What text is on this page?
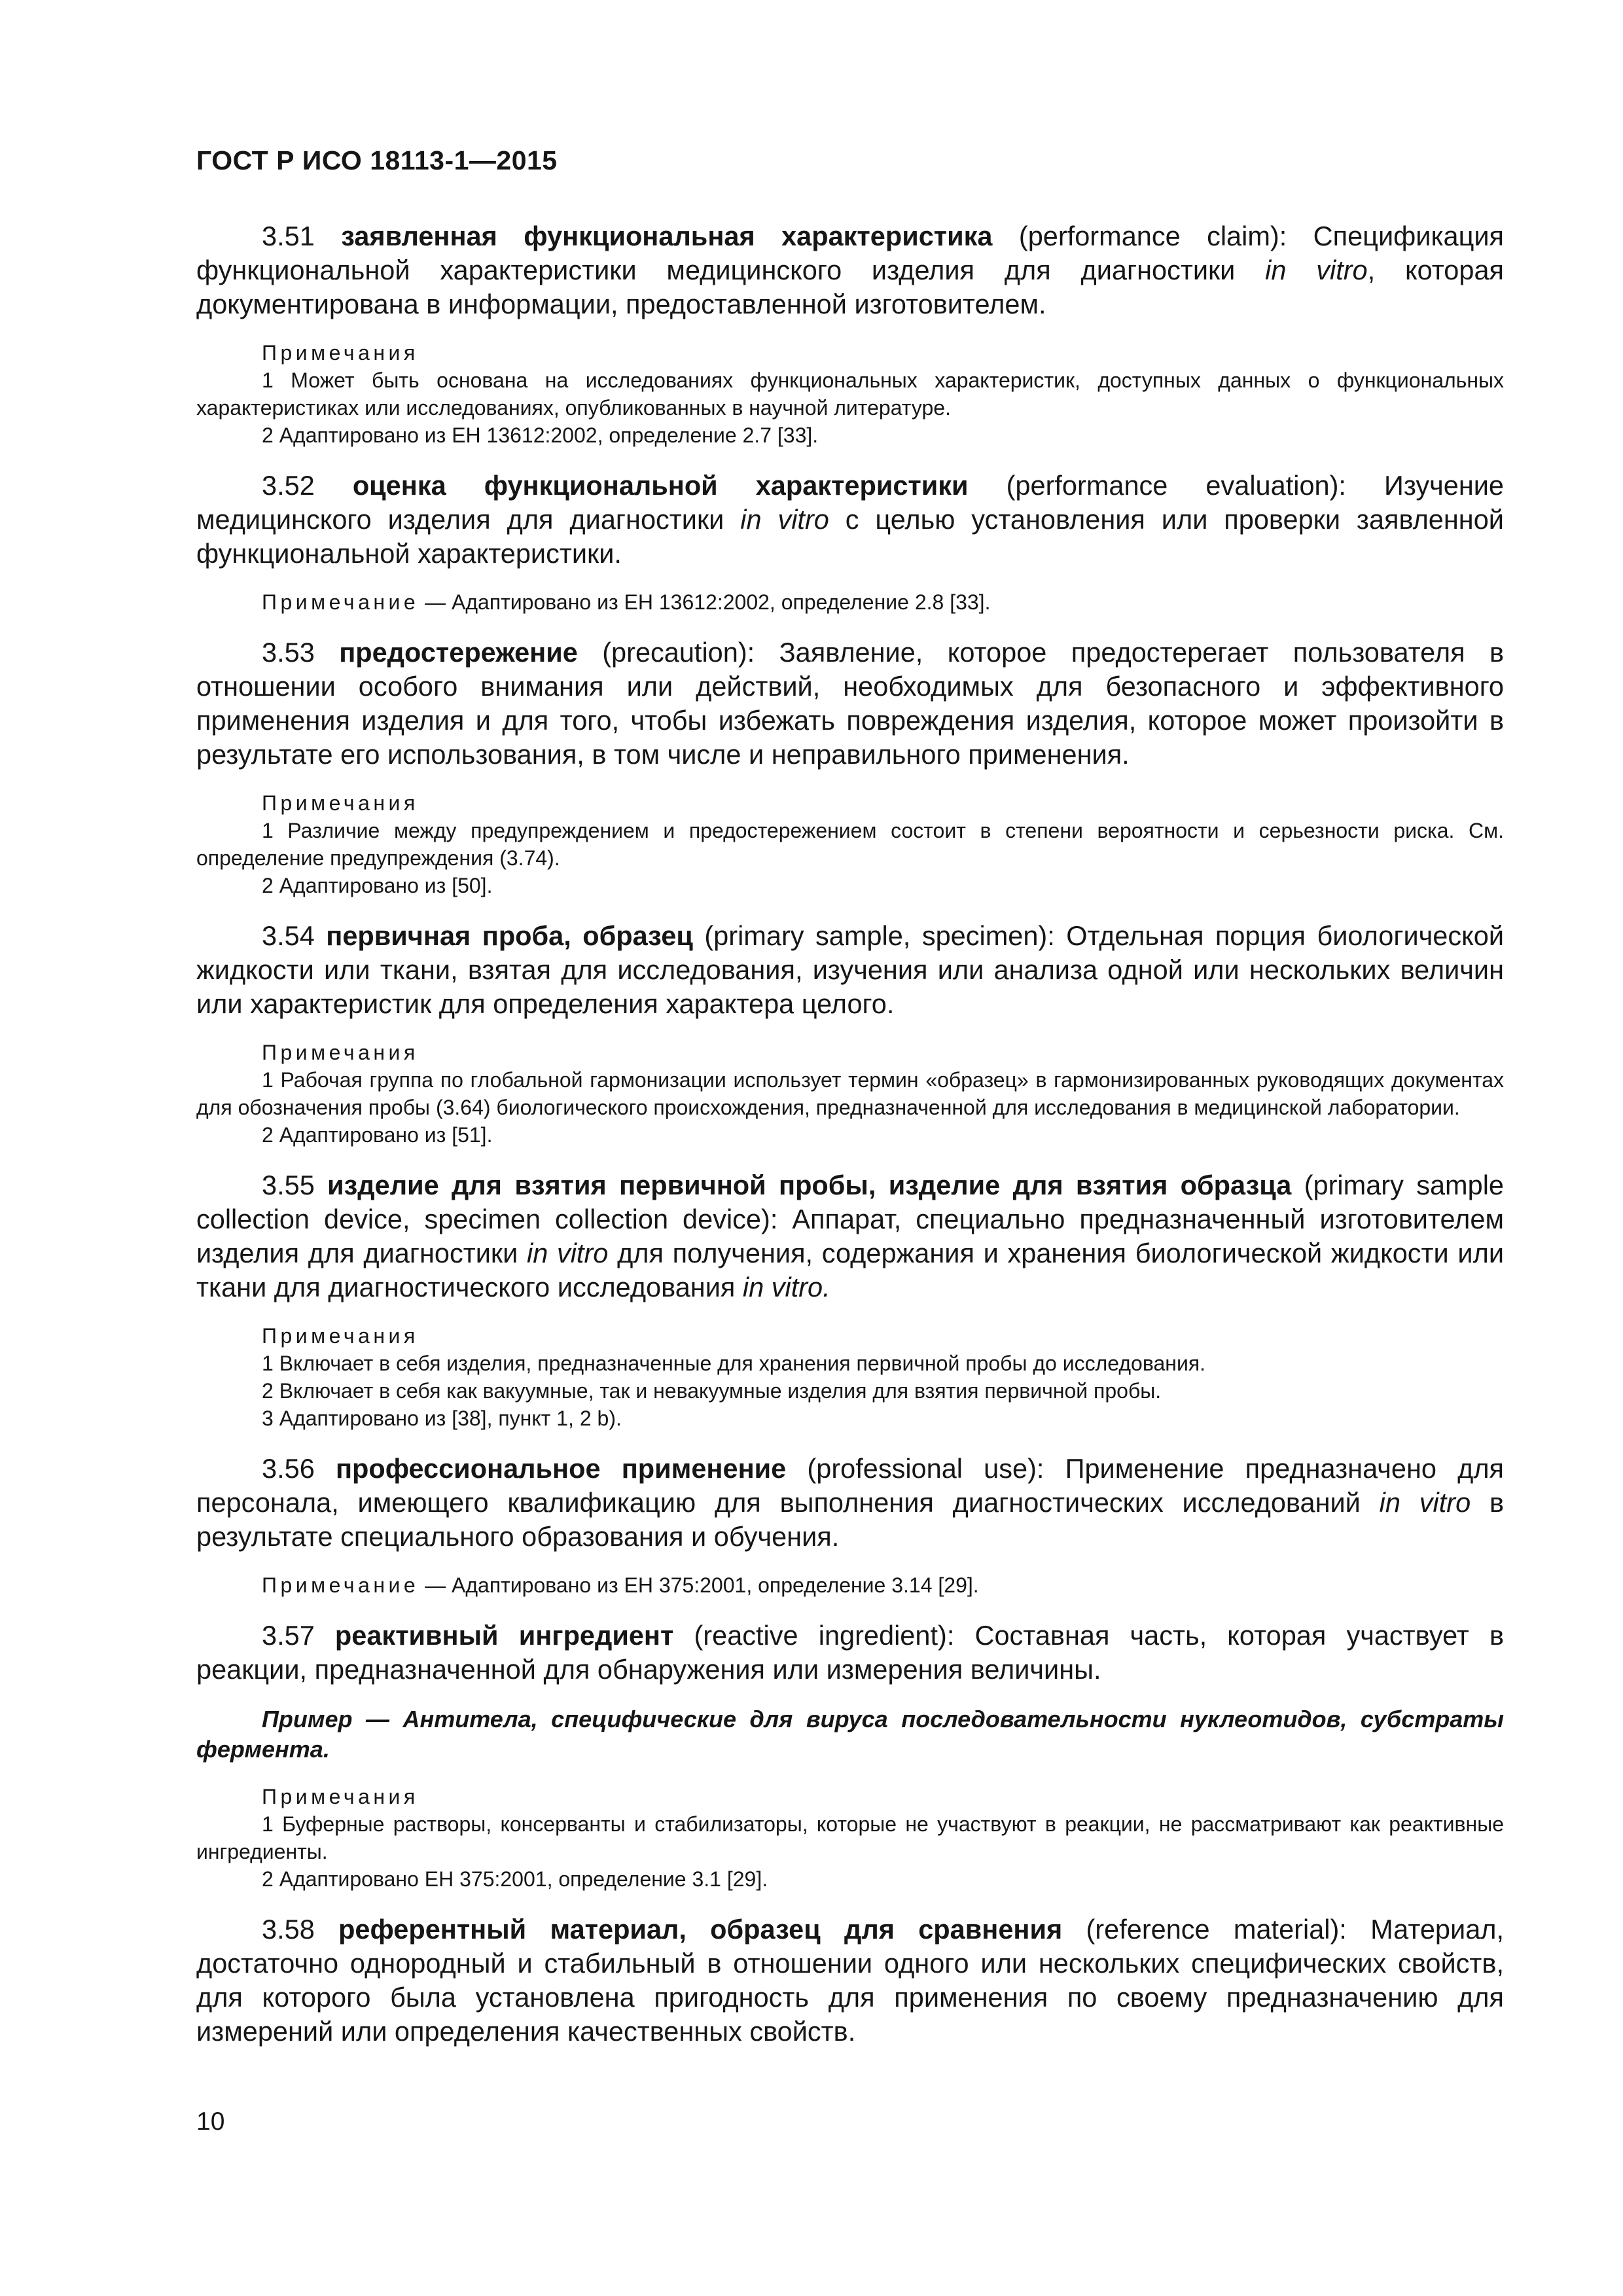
ГОСТ Р ИСО 18113-1—2015

3.51 заявленная функциональная характеристика (performance claim): Спецификация функциональной характеристики медицинского изделия для диагностики in vitro, которая документирована в информации, предоставленной изготовителем.

Примечания
1 Может быть основана на исследованиях функциональных характеристик, доступных данных о функциональных характеристиках или исследованиях, опубликованных в научной литературе.
2 Адаптировано из ЕН 13612:2002, определение 2.7 [33].

3.52 оценка функциональной характеристики (performance evaluation): Изучение медицинского изделия для диагностики in vitro с целью установления или проверки заявленной функциональной характеристики.

Примечание — Адаптировано из ЕН 13612:2002, определение 2.8 [33].

3.53 предостережение (precaution): Заявление, которое предостерегает пользователя в отношении особого внимания или действий, необходимых для безопасного и эффективного применения изделия и для того, чтобы избежать повреждения изделия, которое может произойти в результате его использования, в том числе и неправильного применения.

Примечания
1 Различие между предупреждением и предостережением состоит в степени вероятности и серьезности риска. См. определение предупреждения (3.74).
2 Адаптировано из [50].

3.54 первичная проба, образец (primary sample, specimen): Отдельная порция биологической жидкости или ткани, взятая для исследования, изучения или анализа одной или нескольких величин или характеристик для определения характера целого.

Примечания
1 Рабочая группа по глобальной гармонизации использует термин «образец» в гармонизированных руководящих документах для обозначения пробы (3.64) биологического происхождения, предназначенной для исследования в медицинской лаборатории.
2 Адаптировано из [51].

3.55 изделие для взятия первичной пробы, изделие для взятия образца (primary sample collection device, specimen collection device): Аппарат, специально предназначенный изготовителем изделия для диагностики in vitro для получения, содержания и хранения биологической жидкости или ткани для диагностического исследования in vitro.

Примечания
1 Включает в себя изделия, предназначенные для хранения первичной пробы до исследования.
2 Включает в себя как вакуумные, так и невакуумные изделия для взятия первичной пробы.
3 Адаптировано из [38], пункт 1, 2 b).

3.56 профессиональное применение (professional use): Применение предназначено для персонала, имеющего квалификацию для выполнения диагностических исследований in vitro в результате специального образования и обучения.

Примечание — Адаптировано из ЕН 375:2001, определение 3.14 [29].

3.57 реактивный ингредиент (reactive ingredient): Составная часть, которая участвует в реакции, предназначенной для обнаружения или измерения величины.

Пример — Антитела, специфические для вируса последовательности нуклеотидов, субстраты фермента.

Примечания
1 Буферные растворы, консерванты и стабилизаторы, которые не участвуют в реакции, не рассматривают как реактивные ингредиенты.
2 Адаптировано ЕН 375:2001, определение 3.1 [29].

3.58 референтный материал, образец для сравнения (reference material): Материал, достаточно однородный и стабильный в отношении одного или нескольких специфических свойств, для которого была установлена пригодность для применения по своему предназначению для измерений или определения качественных свойств.

10
